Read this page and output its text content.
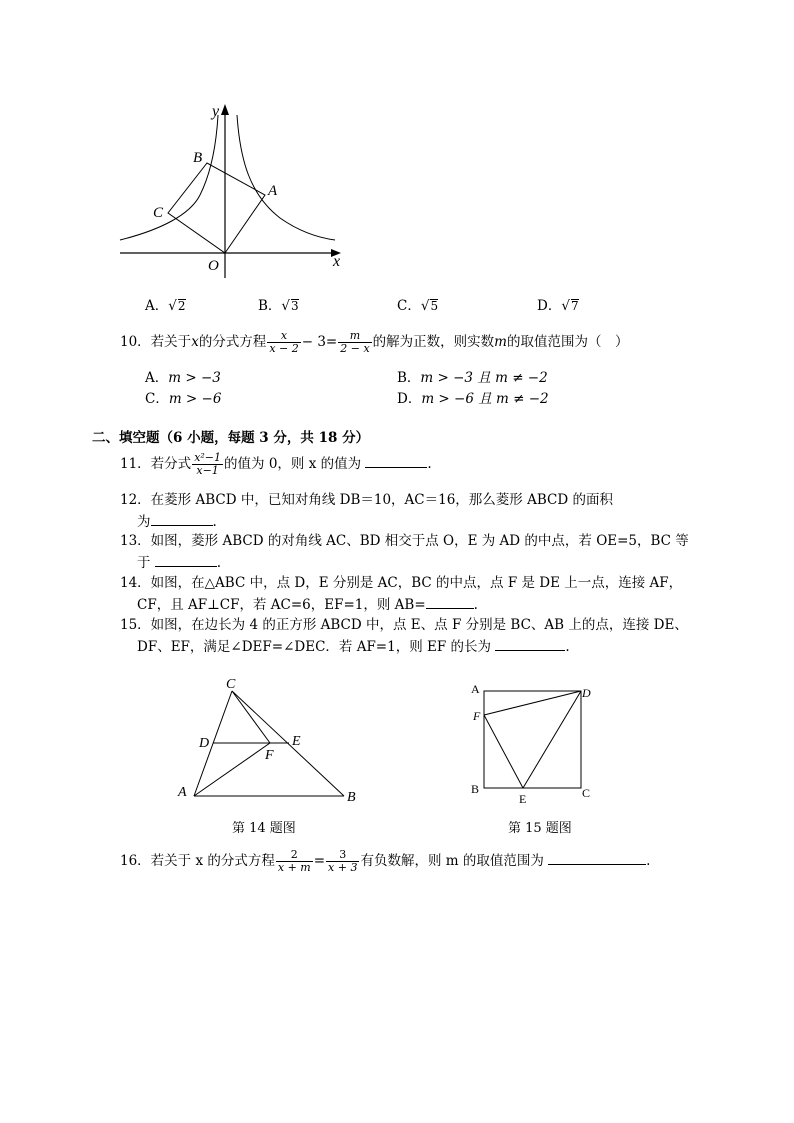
y
x
O
A
B
C
A．√2	B．√3	C．√5	D．√7
10．若关于x的分式方程 $\frac{x}{x - 2} - 3= \frac{m}{2 - x}$ 的解为正数，则实数m的取值范围为（　）
A．m > −3	B．m > −3 且 m ≠ −2
C．m > −6	D．m > −6 且 m ≠ −2
二、填空题（6 小题，每题 3 分，共 18 分）
11．若分式 $\frac{\text{x²−1}}{x-1}$ 的值为 0，则 x 的值为	.
12．在菱形 ABCD 中，已知对角线 DB＝10，AC＝16，那么菱形 ABCD 的面积
为	.
13．如图，菱形 ABCD 的对角线 AC、BD 相交于点 O，E 为 AD 的中点，若 OE=5，BC 等
于	.
14．如图，在△ABC 中，点 D，E 分别是 AC，BC 的中点，点 F 是 DE 上一点，连接 AF，
CF，且 AF⊥CF，若 AC=6，EF=1，则 AB=	.
15．如图，在边长为 4 的正方形 ABCD 中，点 E、点 F 分别是 BC、AB 上的点，连接 DE、
DF、EF，满足∠DEF=∠DEC．若 AF=1，则 EF 的长为	.
C
D	E
F
A	B
第 14 题图
A	D
F
B
E	C
第 15 题图
16．若关于 x 的分式方程 $\frac{2}{x + m} = \frac{3}{x + 3}$ 有负数解，则 m 的取值范围为	.
